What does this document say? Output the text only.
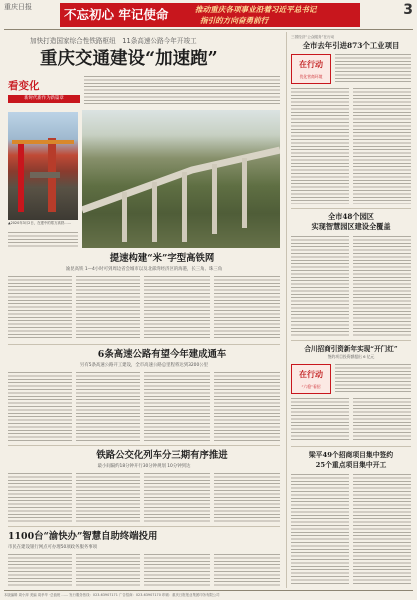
重庆日报	不忘初心 牢记使命	推动重庆各项事业沿着习近平总书记
指引的方向奋勇前行
3
加快打造国家综合性铁路枢纽　11条高速公路今年开竣工
重庆交通建设“加速跑”
看变化
新时代新作为新篇章
▲2020年3月2日，在建中的郑万高铁……
提速构建“米”字型高铁网
渝昆高铁 1—4小时可到周边省会城市以及北部湾经济区的海港，长三角、珠三角
6条高速公路有望今年建成通车
另有5条高速公路开工建设，全市高速公路总里程将达到3200公里
铁路公交化列车分三期有序推进
最小间隔约18分钟开行30分钟规划 10分钟到达
1100台“渝快办”智慧自助终端投用
市民在建设银行网点可办理50项政务服务事项
三园经济“公众服务”在行动
全市去年引进873个工业项目
在行动
优化营商环境
全市48个园区
实现智慧园区建设全覆盖
合川招商引资新年实现“开门红”
签约项目投资额超出 6 亿元
在行动
“六稳”看招
梁平49个招商项目集中签约
25个重点项目集中开工
本版编辑 周小萍 美编 周孝华 ·总值班 …… 发行服务热线：023-63907171 广告招商：023-63907170 印刷：重庆日报报业集团印务有限公司
